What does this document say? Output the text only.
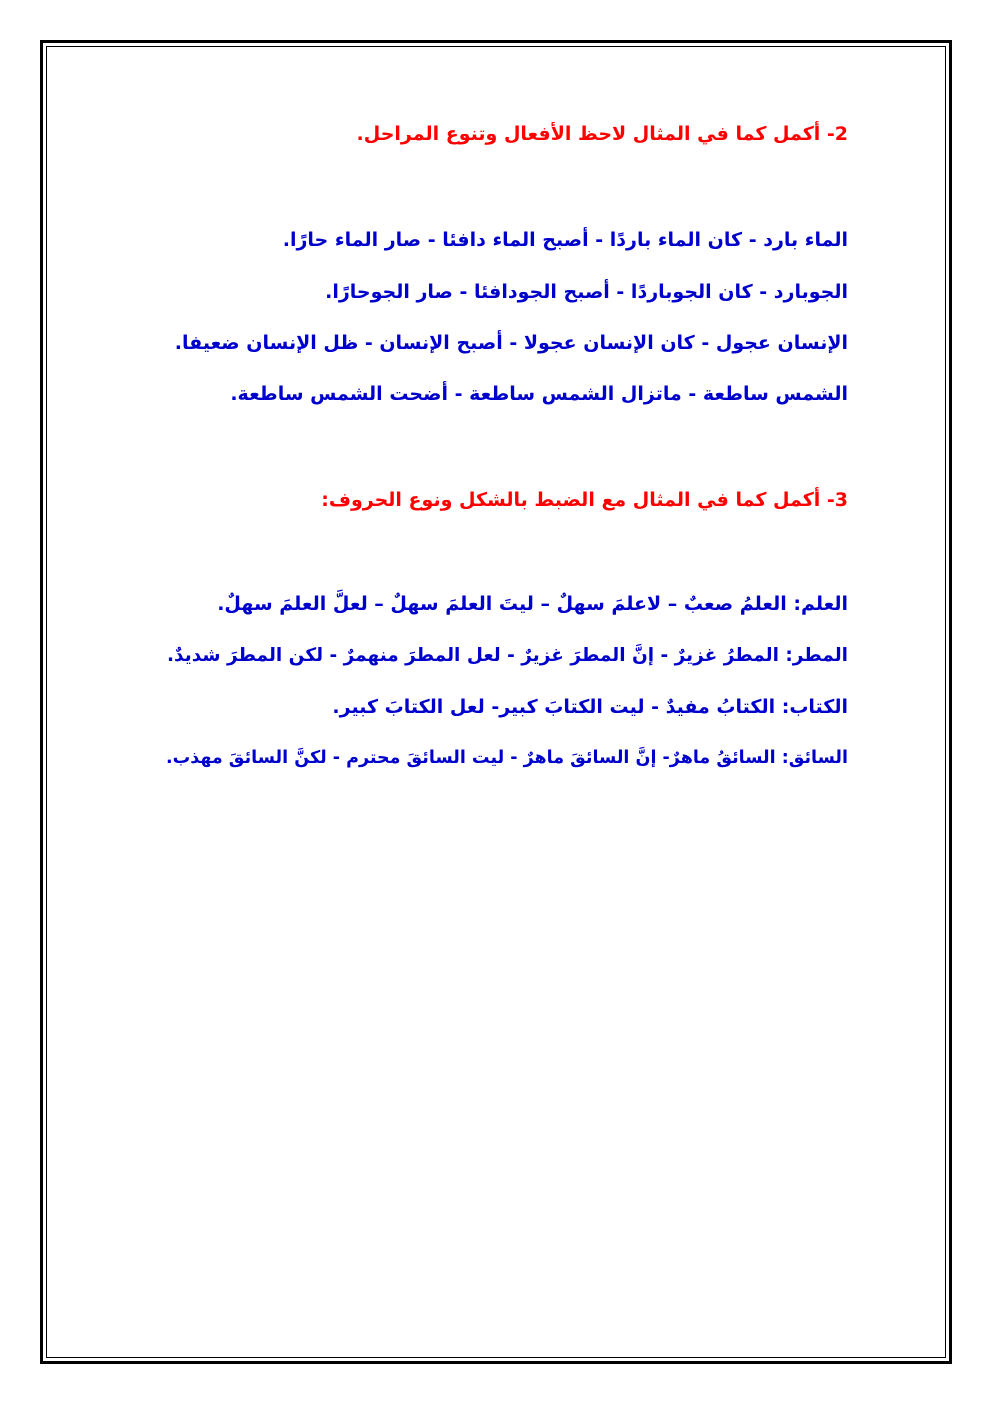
2- أكمل كما في المثال لاحظ الأفعال وتنوع المراحل.
الماء بارد - كان الماء باردًا - أصبح الماء دافئا - صار الماء حارًا.
الجوبارد - كان الجوباردًا - أصبح الجودافئا - صار الجوحارًا.
الإنسان عجول - كان الإنسان عجولا - أصبح الإنسان - ظل الإنسان ضعيفا.
الشمس ساطعة - ماتزال الشمس ساطعة - أضحت الشمس ساطعة.
3- أكمل كما في المثال مع الضبط بالشكل ونوع الحروف:
العلم: العلمُ صعبٌ – لاعلمَ سهلٌ – ليتَ العلمَ سهلٌ – لعلَّ العلمَ سهلٌ.
المطر: المطرُ غزيرٌ - إنَّ المطرَ غزيرٌ - لعل المطرَ منهمرٌ - لكن المطرَ شديدٌ.
الكتاب: الكتابُ مفيدٌ - ليت الكتابَ كبير- لعل الكتابَ كبير.
السائق: السائقُ ماهرٌ- إنَّ السائقَ ماهرٌ - ليت السائقَ محترم - لكنَّ السائقَ مهذب.
